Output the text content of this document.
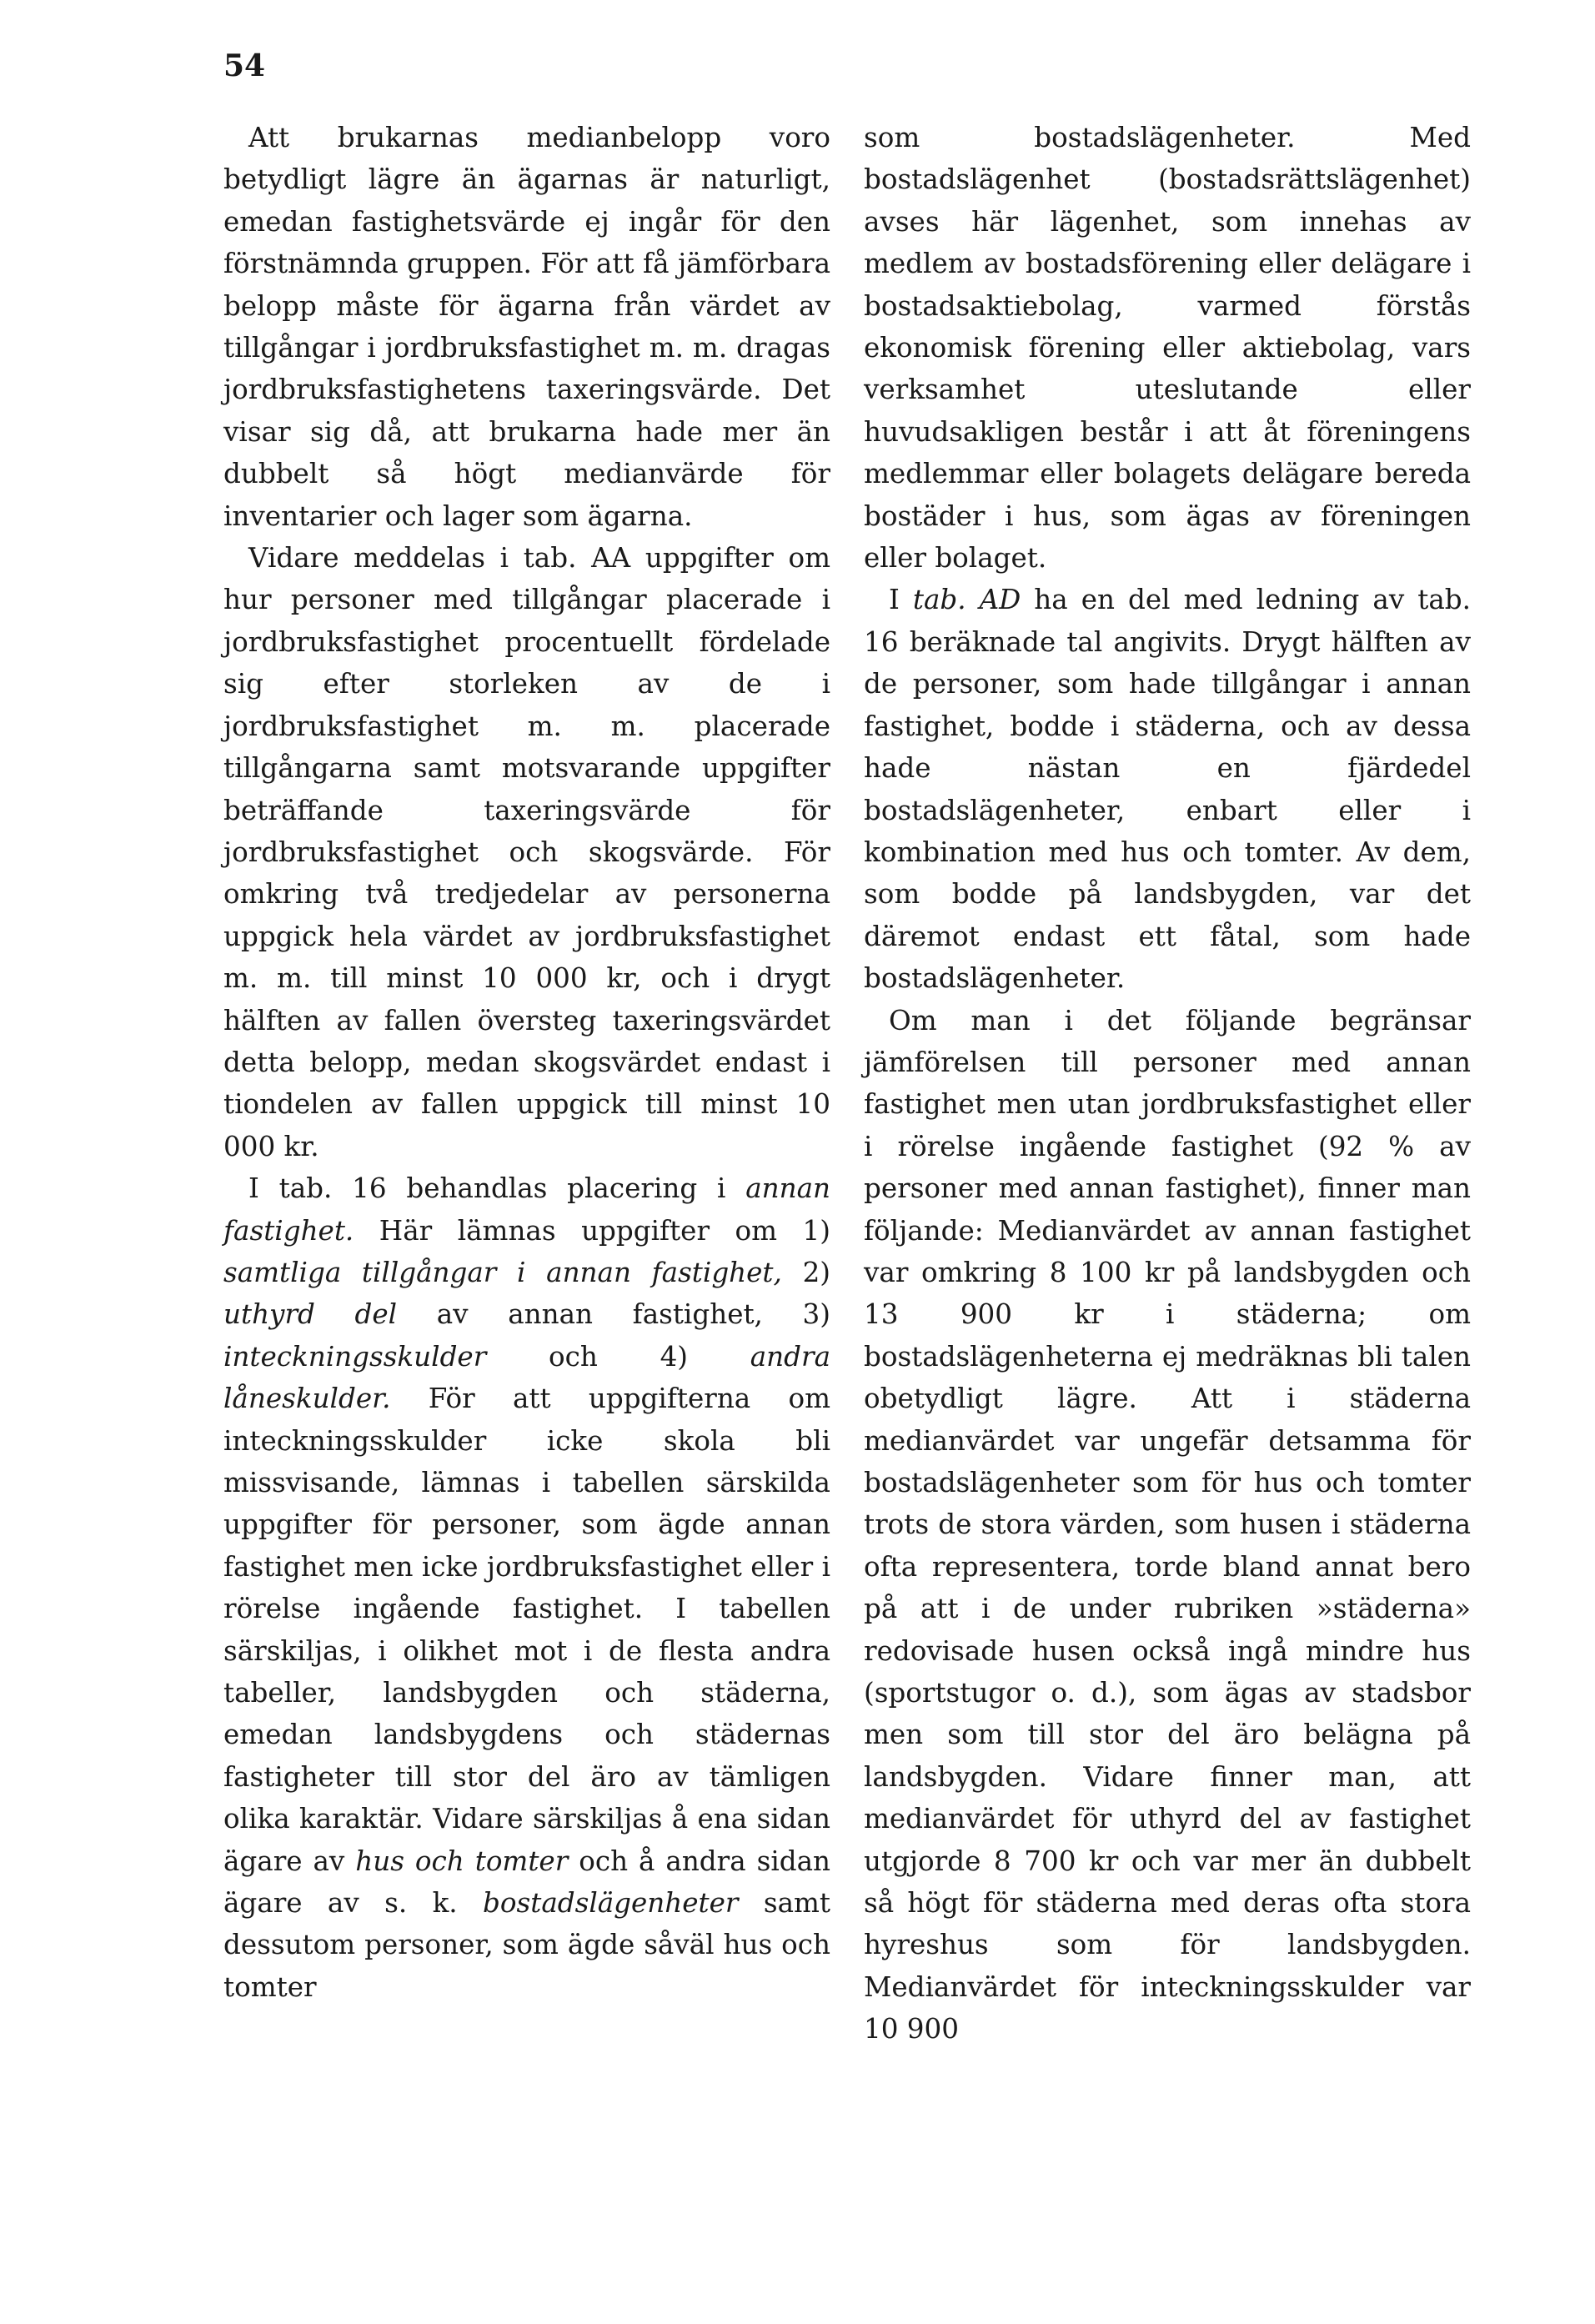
54

Att brukarnas medianbelopp voro betydligt lägre än ägarnas är naturligt, emedan fastighetsvärde ej ingår för den förstnämnda gruppen. För att få jämförbara belopp måste för ägarna från värdet av tillgångar i jordbruksfastighet m. m. dragas jordbruksfastighetens taxeringsvärde. Det visar sig då, att brukarna hade mer än dubbelt så högt medianvärde för inventarier och lager som ägarna.

Vidare meddelas i tab. AA uppgifter om hur personer med tillgångar placerade i jordbruksfastighet procentuellt fördelade sig efter storleken av de i jordbruksfastighet m. m. placerade tillgångarna samt motsvarande uppgifter beträffande taxeringsvärde för jordbruksfastighet och skogsvärde. För omkring två tredjedelar av personerna uppgick hela värdet av jordbruksfastighet m. m. till minst 10 000 kr, och i drygt hälften av fallen översteg taxeringsvärdet detta belopp, medan skogsvärdet endast i tiondelen av fallen uppgick till minst 10 000 kr.

I tab. 16 behandlas placering i annan fastighet. Här lämnas uppgifter om 1) samtliga tillgångar i annan fastighet, 2) uthyrd del av annan fastighet, 3) inteckningsskulder och 4) andra låneskulder. För att uppgifterna om inteckningsskulder icke skola bli missvisande, lämnas i tabellen särskilda uppgifter för personer, som ägde annan fastighet men icke jordbruksfastighet eller i rörelse ingående fastighet. I tabellen särskiljas, i olikhet mot i de flesta andra tabeller, landsbygden och städerna, emedan landsbygdens och städernas fastigheter till stor del äro av tämligen olika karaktär. Vidare särskiljas å ena sidan ägare av hus och tomter och å andra sidan ägare av s. k. bostadslägenheter samt dessutom personer, som ägde såväl hus och tomter

som bostadslägenheter. Med bostadslägenhet (bostadsrättslägenhet) avses här lägenhet, som innehas av medlem av bostadsförening eller delägare i bostadsaktiebolag, varmed förstås ekonomisk förening eller aktiebolag, vars verksamhet uteslutande eller huvudsakligen består i att åt föreningens medlemmar eller bolagets delägare bereda bostäder i hus, som ägas av föreningen eller bolaget.

I tab. AD ha en del med ledning av tab. 16 beräknade tal angivits. Drygt hälften av de personer, som hade tillgångar i annan fastighet, bodde i städerna, och av dessa hade nästan en fjärdedel bostadslägenheter, enbart eller i kombination med hus och tomter. Av dem, som bodde på landsbygden, var det däremot endast ett fåtal, som hade bostadslägenheter.

Om man i det följande begränsar jämförelsen till personer med annan fastighet men utan jordbruksfastighet eller i rörelse ingående fastighet (92 % av personer med annan fastighet), finner man följande: Medianvärdet av annan fastighet var omkring 8 100 kr på landsbygden och 13 900 kr i städerna; om bostadslägenheterna ej medräknas bli talen obetydligt lägre. Att i städerna medianvärdet var ungefär detsamma för bostadslägenheter som för hus och tomter trots de stora värden, som husen i städerna ofta representera, torde bland annat bero på att i de under rubriken »städerna» redovisade husen också ingå mindre hus (sportstugor o. d.), som ägas av stadsbor men som till stor del äro belägna på landsbygden. Vidare finner man, att medianvärdet för uthyrd del av fastighet utgjorde 8 700 kr och var mer än dubbelt så högt för städerna med deras ofta stora hyreshus som för landsbygden. Medianvärdet för inteckningsskulder var 10 900
